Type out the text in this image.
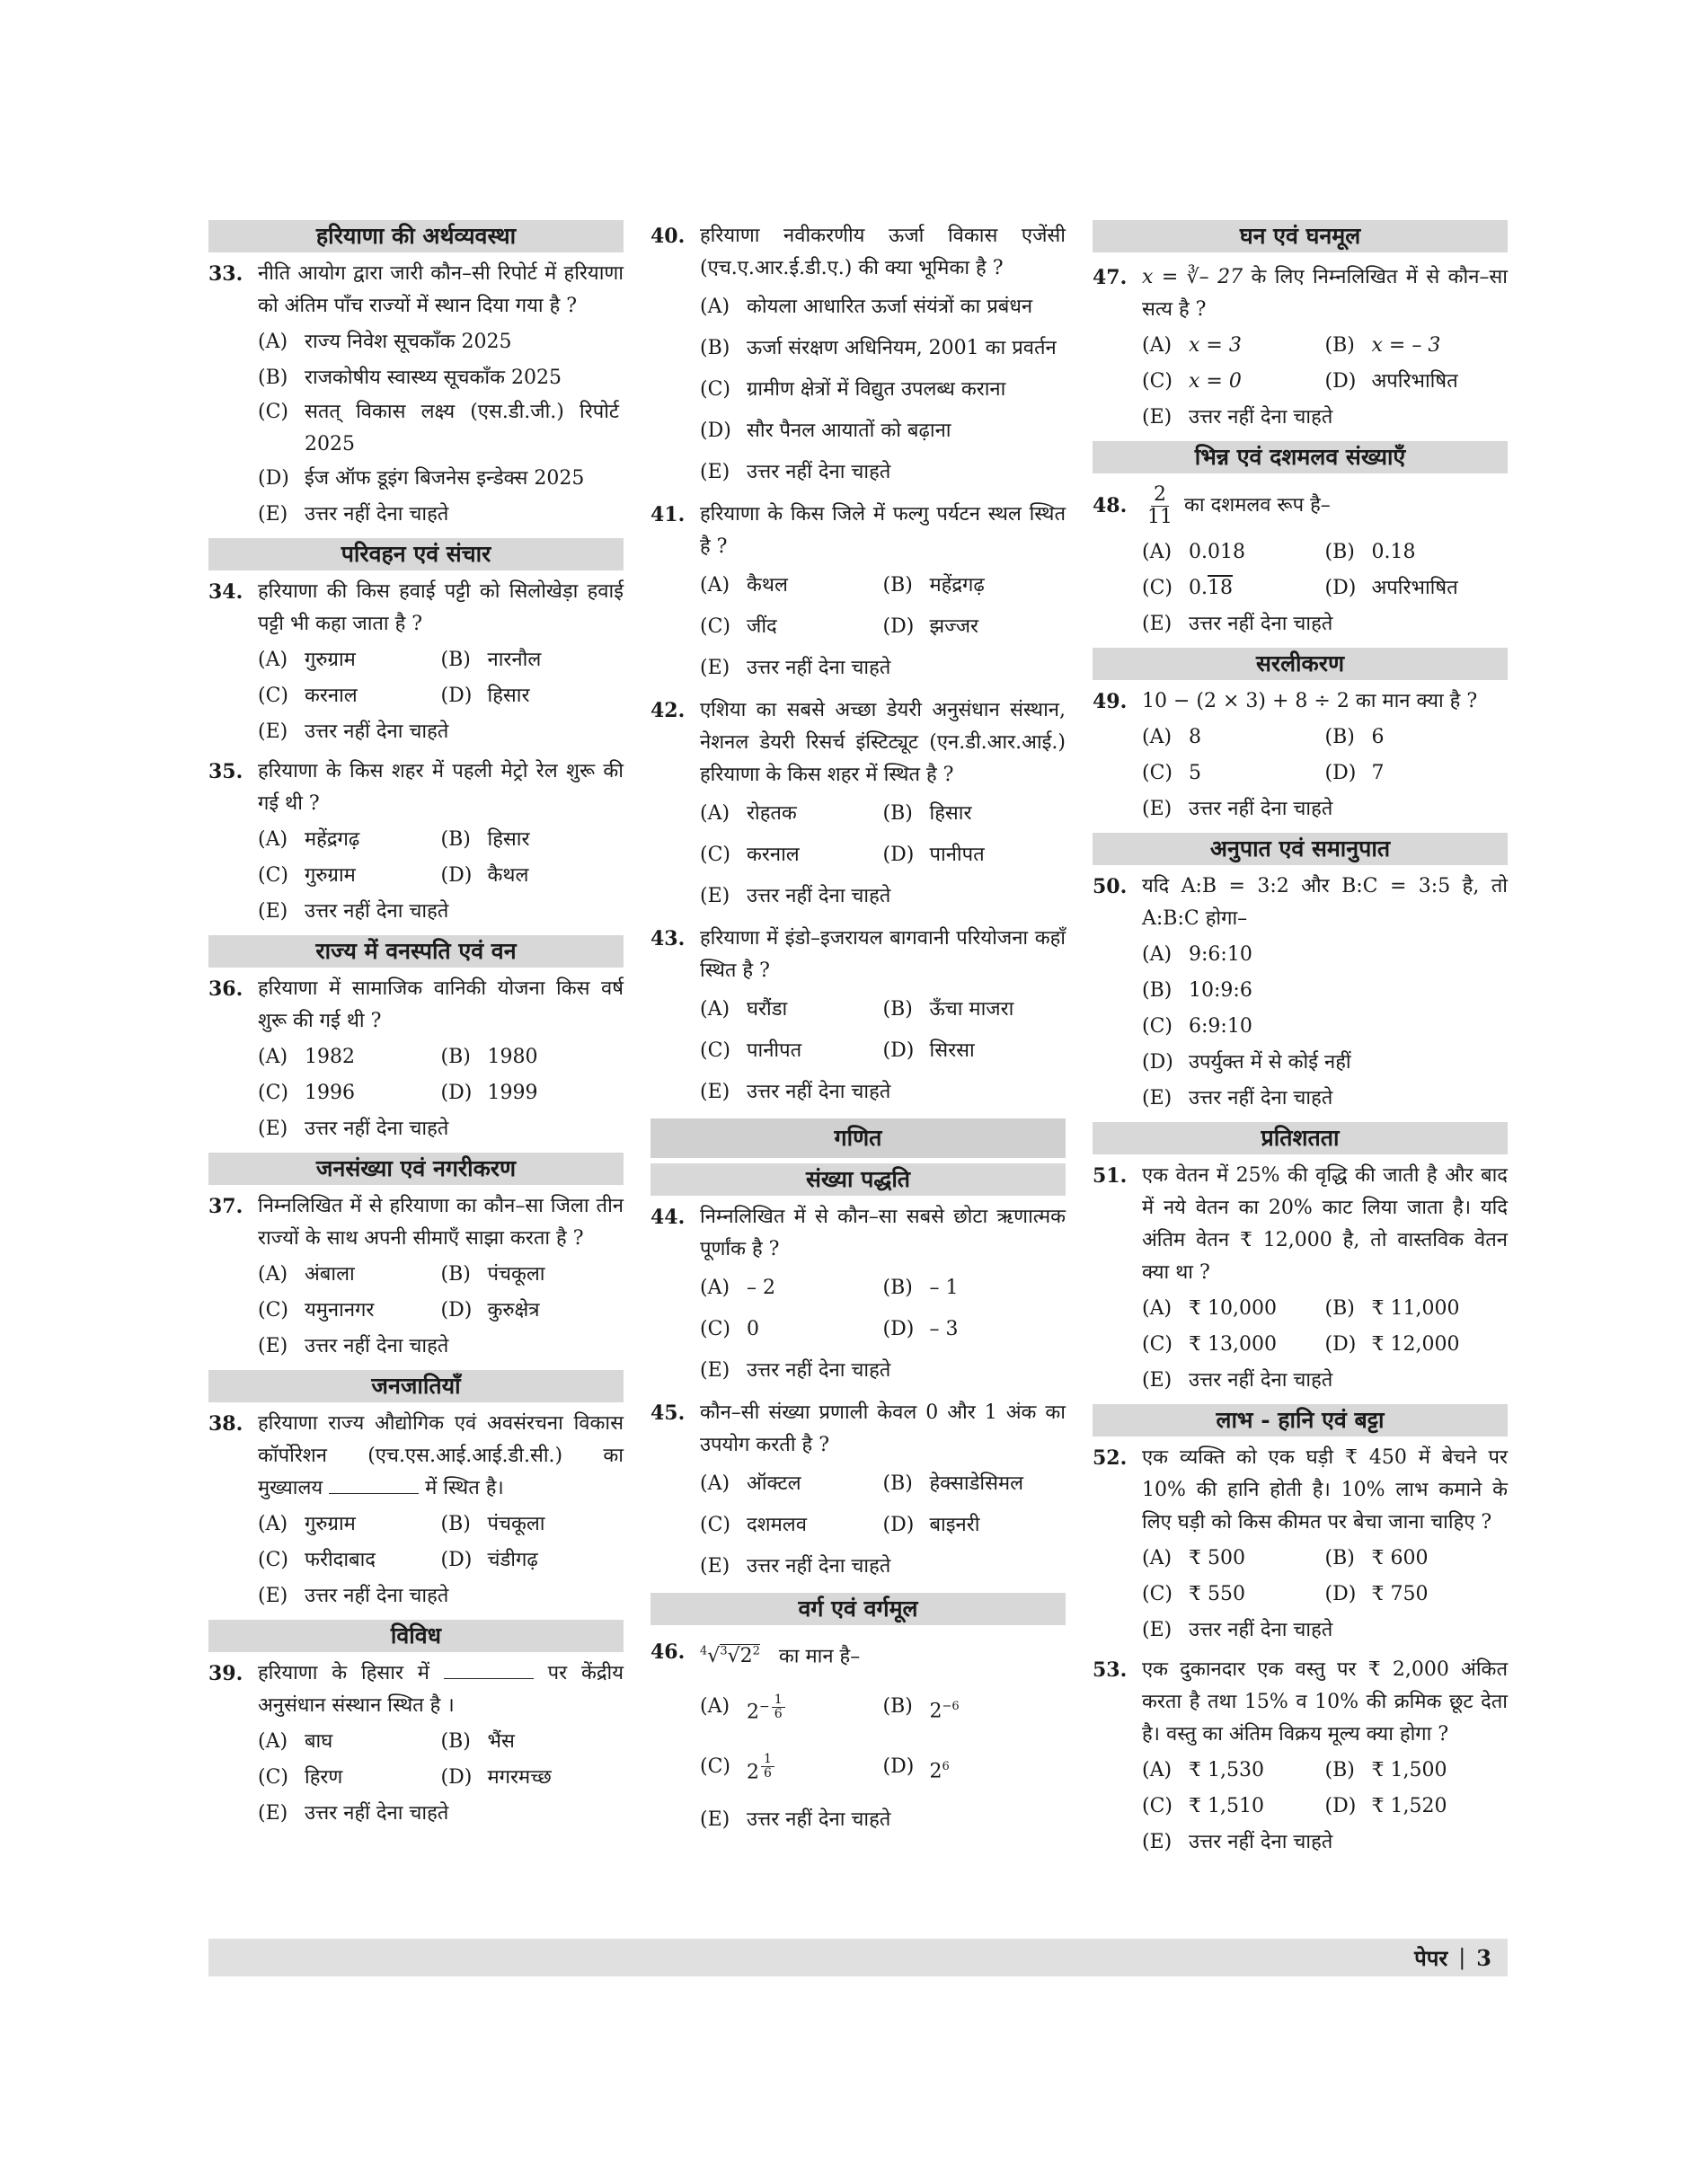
हरियाणा की अर्थव्यवस्था
33. नीति आयोग द्वारा जारी कौन–सी रिपोर्ट में हरियाणा को अंतिम पाँच राज्यों में स्थान दिया गया है ?
(A) राज्य निवेश सूचकाँक 2025
(B) राजकोषीय स्वास्थ्य सूचकाँक 2025
(C) सतत् विकास लक्ष्य (एस.डी.जी.) रिपोर्ट 2025
(D) ईज ऑफ डूइंग बिजनेस इन्डेक्स 2025
(E) उत्तर नहीं देना चाहते
परिवहन एवं संचार
34. हरियाणा की किस हवाई पट्टी को सिलोखेड़ा हवाई पट्टी भी कहा जाता है ?
(A) गुरुग्राम	(B) नारनौल
(C) करनाल	(D) हिसार
(E) उत्तर नहीं देना चाहते
35. हरियाणा के किस शहर में पहली मेट्रो रेल शुरू की गई थी ?
(A) महेंद्रगढ़	(B) हिसार
(C) गुरुग्राम	(D) कैथल
(E) उत्तर नहीं देना चाहते
राज्य में वनस्पति एवं वन
36. हरियाणा में सामाजिक वानिकी योजना किस वर्ष शुरू की गई थी ?
(A) 1982	(B) 1980
(C) 1996	(D) 1999
(E) उत्तर नहीं देना चाहते
जनसंख्या एवं नगरीकरण
37. निम्नलिखित में से हरियाणा का कौन–सा जिला तीन राज्यों के साथ अपनी सीमाएँ साझा करता है ?
(A) अंबाला	(B) पंचकूला
(C) यमुनानगर	(D) कुरुक्षेत्र
(E) उत्तर नहीं देना चाहते
जनजातियाँ
38. हरियाणा राज्य औद्योगिक एवं अवसंरचना विकास कॉर्पोरेशन (एच.एस.आई.आई.डी.सी.) का मुख्यालय	में स्थित है।
(A) गुरुग्राम	(B) पंचकूला
(C) फरीदाबाद	(D) चंडीगढ़
(E) उत्तर नहीं देना चाहते
विविध
39. हरियाणा के हिसार में	पर केंद्रीय अनुसंधान संस्थान स्थित है ।
(A) बाघ	(B) भैंस
(C) हिरण	(D) मगरमच्छ
(E) उत्तर नहीं देना चाहते
40. हरियाणा नवीकरणीय ऊर्जा विकास एजेंसी (एच.ए.आर.ई.डी.ए.) की क्या भूमिका है ?
(A) कोयला आधारित ऊर्जा संयंत्रों का प्रबंधन
(B) ऊर्जा संरक्षण अधिनियम, 2001 का प्रवर्तन
(C) ग्रामीण क्षेत्रों में विद्युत उपलब्ध कराना
(D) सौर पैनल आयातों को बढ़ाना
(E) उत्तर नहीं देना चाहते
41. हरियाणा के किस जिले में फल्गु पर्यटन स्थल स्थित है ?
(A) कैथल	(B) महेंद्रगढ़
(C) जींद	(D) झज्जर
(E) उत्तर नहीं देना चाहते
42. एशिया का सबसे अच्छा डेयरी अनुसंधान संस्थान, नेशनल डेयरी रिसर्च इंस्टिट्यूट (एन.डी.आर.आई.) हरियाणा के किस शहर में स्थित है ?
(A) रोहतक	(B) हिसार
(C) करनाल	(D) पानीपत
(E) उत्तर नहीं देना चाहते
43. हरियाणा में इंडो–इजरायल बागवानी परियोजना कहाँ स्थित है ?
(A) घरौंडा	(B) ऊँचा माजरा
(C) पानीपत	(D) सिरसा
(E) उत्तर नहीं देना चाहते
गणित
संख्या पद्धति
44. निम्नलिखित में से कौन–सा सबसे छोटा ऋणात्मक पूर्णांक है ?
(A) – 2	(B) – 1
(C) 0	(D) – 3
(E) उत्तर नहीं देना चाहते
45. कौन–सी संख्या प्रणाली केवल 0 और 1 अंक का उपयोग करती है ?
(A) ऑक्टल	(B) हेक्साडेसिमल
(C) दशमलव	(D) बाइनरी
(E) उत्तर नहीं देना चाहते
वर्ग एवं वर्गमूल
46.	$^4√^3√2^2$ का मान है–
(A) $2^{- \frac{1}{6}}$	(B) $2^{-6}$
(C) 2 $^{\frac{1}{6}}$	(D) $2^6$
(E) उत्तर नहीं देना चाहते
घन एवं घनमूल
47. x = ∛– 27 के लिए निम्नलिखित में से कौन–सा सत्य है ?
(A) x = 3	(B) x = – 3
(C) x = 0	(D) अपरिभाषित
(E) उत्तर नहीं देना चाहते
भिन्न एवं दशमलव संख्याएँ
48.	$\frac{2}{11}$ का दशमलव रूप है–
(A) 0.018	(B) 0.18
(C) 0.18	(D) अपरिभाषित
(E) उत्तर नहीं देना चाहते
सरलीकरण
49. 10 − (2 × 3) + 8 ÷ 2 का मान क्या है ?
(A) 8	(B) 6
(C) 5	(D) 7
(E) उत्तर नहीं देना चाहते
अनुपात एवं समानुपात
50. यदि A:B = 3:2 और B:C = 3:5 है, तो A:B:C होगा–
(A) 9:6:10
(B) 10:9:6
(C) 6:9:10
(D) उपर्युक्त में से कोई नहीं
(E) उत्तर नहीं देना चाहते
प्रतिशतता
51. एक वेतन में 25% की वृद्धि की जाती है और बाद में नये वेतन का 20% काट लिया जाता है। यदि अंतिम वेतन ₹ 12,000 है, तो वास्तविक वेतन क्या था ?
(A) ₹ 10,000 (B) ₹ 11,000
(C) ₹ 13,000 (D) ₹ 12,000
(E) उत्तर नहीं देना चाहते
लाभ - हानि एवं बट्टा
52. एक व्यक्ति को एक घड़ी ₹ 450 में बेचने पर 10% की हानि होती है। 10% लाभ कमाने के लिए घड़ी को किस कीमत पर बेचा जाना चाहिए ?
(A) ₹ 500	(B) ₹ 600
(C) ₹ 550	(D) ₹ 750
(E) उत्तर नहीं देना चाहते
53. एक दुकानदार एक वस्तु पर ₹ 2,000 अंकित करता है तथा 15% व 10% की क्रमिक छूट देता है। वस्तु का अंतिम विक्रय मूल्य क्या होगा ?
(A) ₹ 1,530	(B) ₹ 1,500
(C) ₹ 1,510	(D) ₹ 1,520
(E) उत्तर नहीं देना चाहते
पेपर | 3
